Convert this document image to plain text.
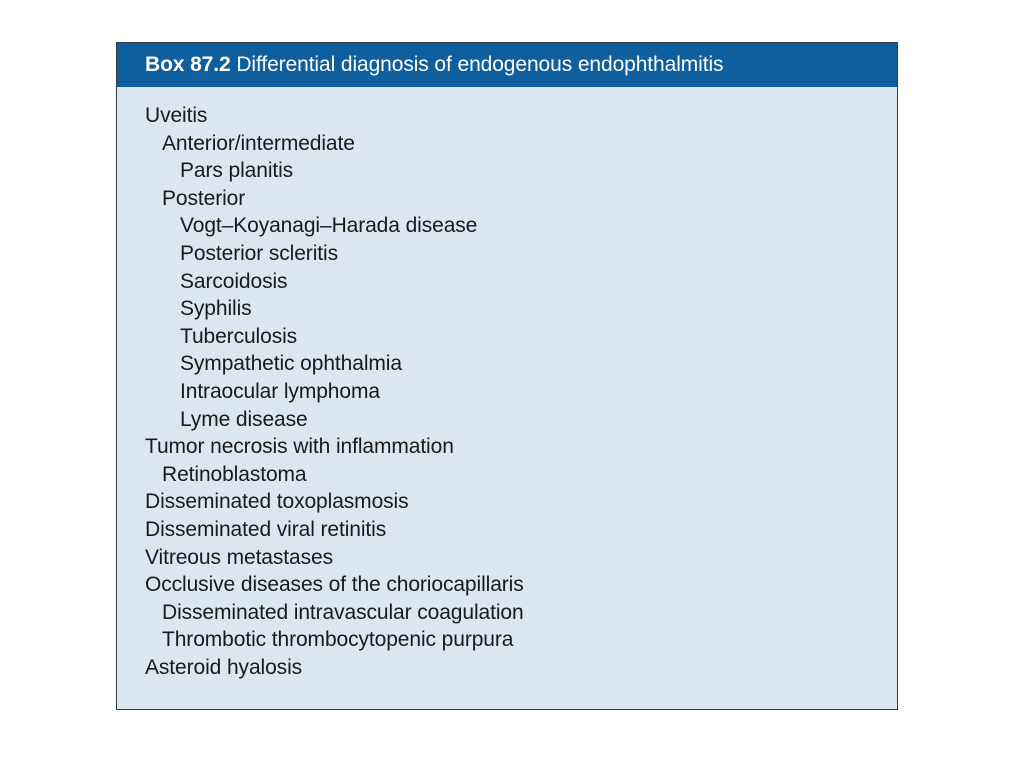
Box 87.2 Differential diagnosis of endogenous endophthalmitis
Uveitis
Anterior/intermediate
Pars planitis
Posterior
Vogt–Koyanagi–Harada disease
Posterior scleritis
Sarcoidosis
Syphilis
Tuberculosis
Sympathetic ophthalmia
Intraocular lymphoma
Lyme disease
Tumor necrosis with inflammation
Retinoblastoma
Disseminated toxoplasmosis
Disseminated viral retinitis
Vitreous metastases
Occlusive diseases of the choriocapillaris
Disseminated intravascular coagulation
Thrombotic thrombocytopenic purpura
Asteroid hyalosis
